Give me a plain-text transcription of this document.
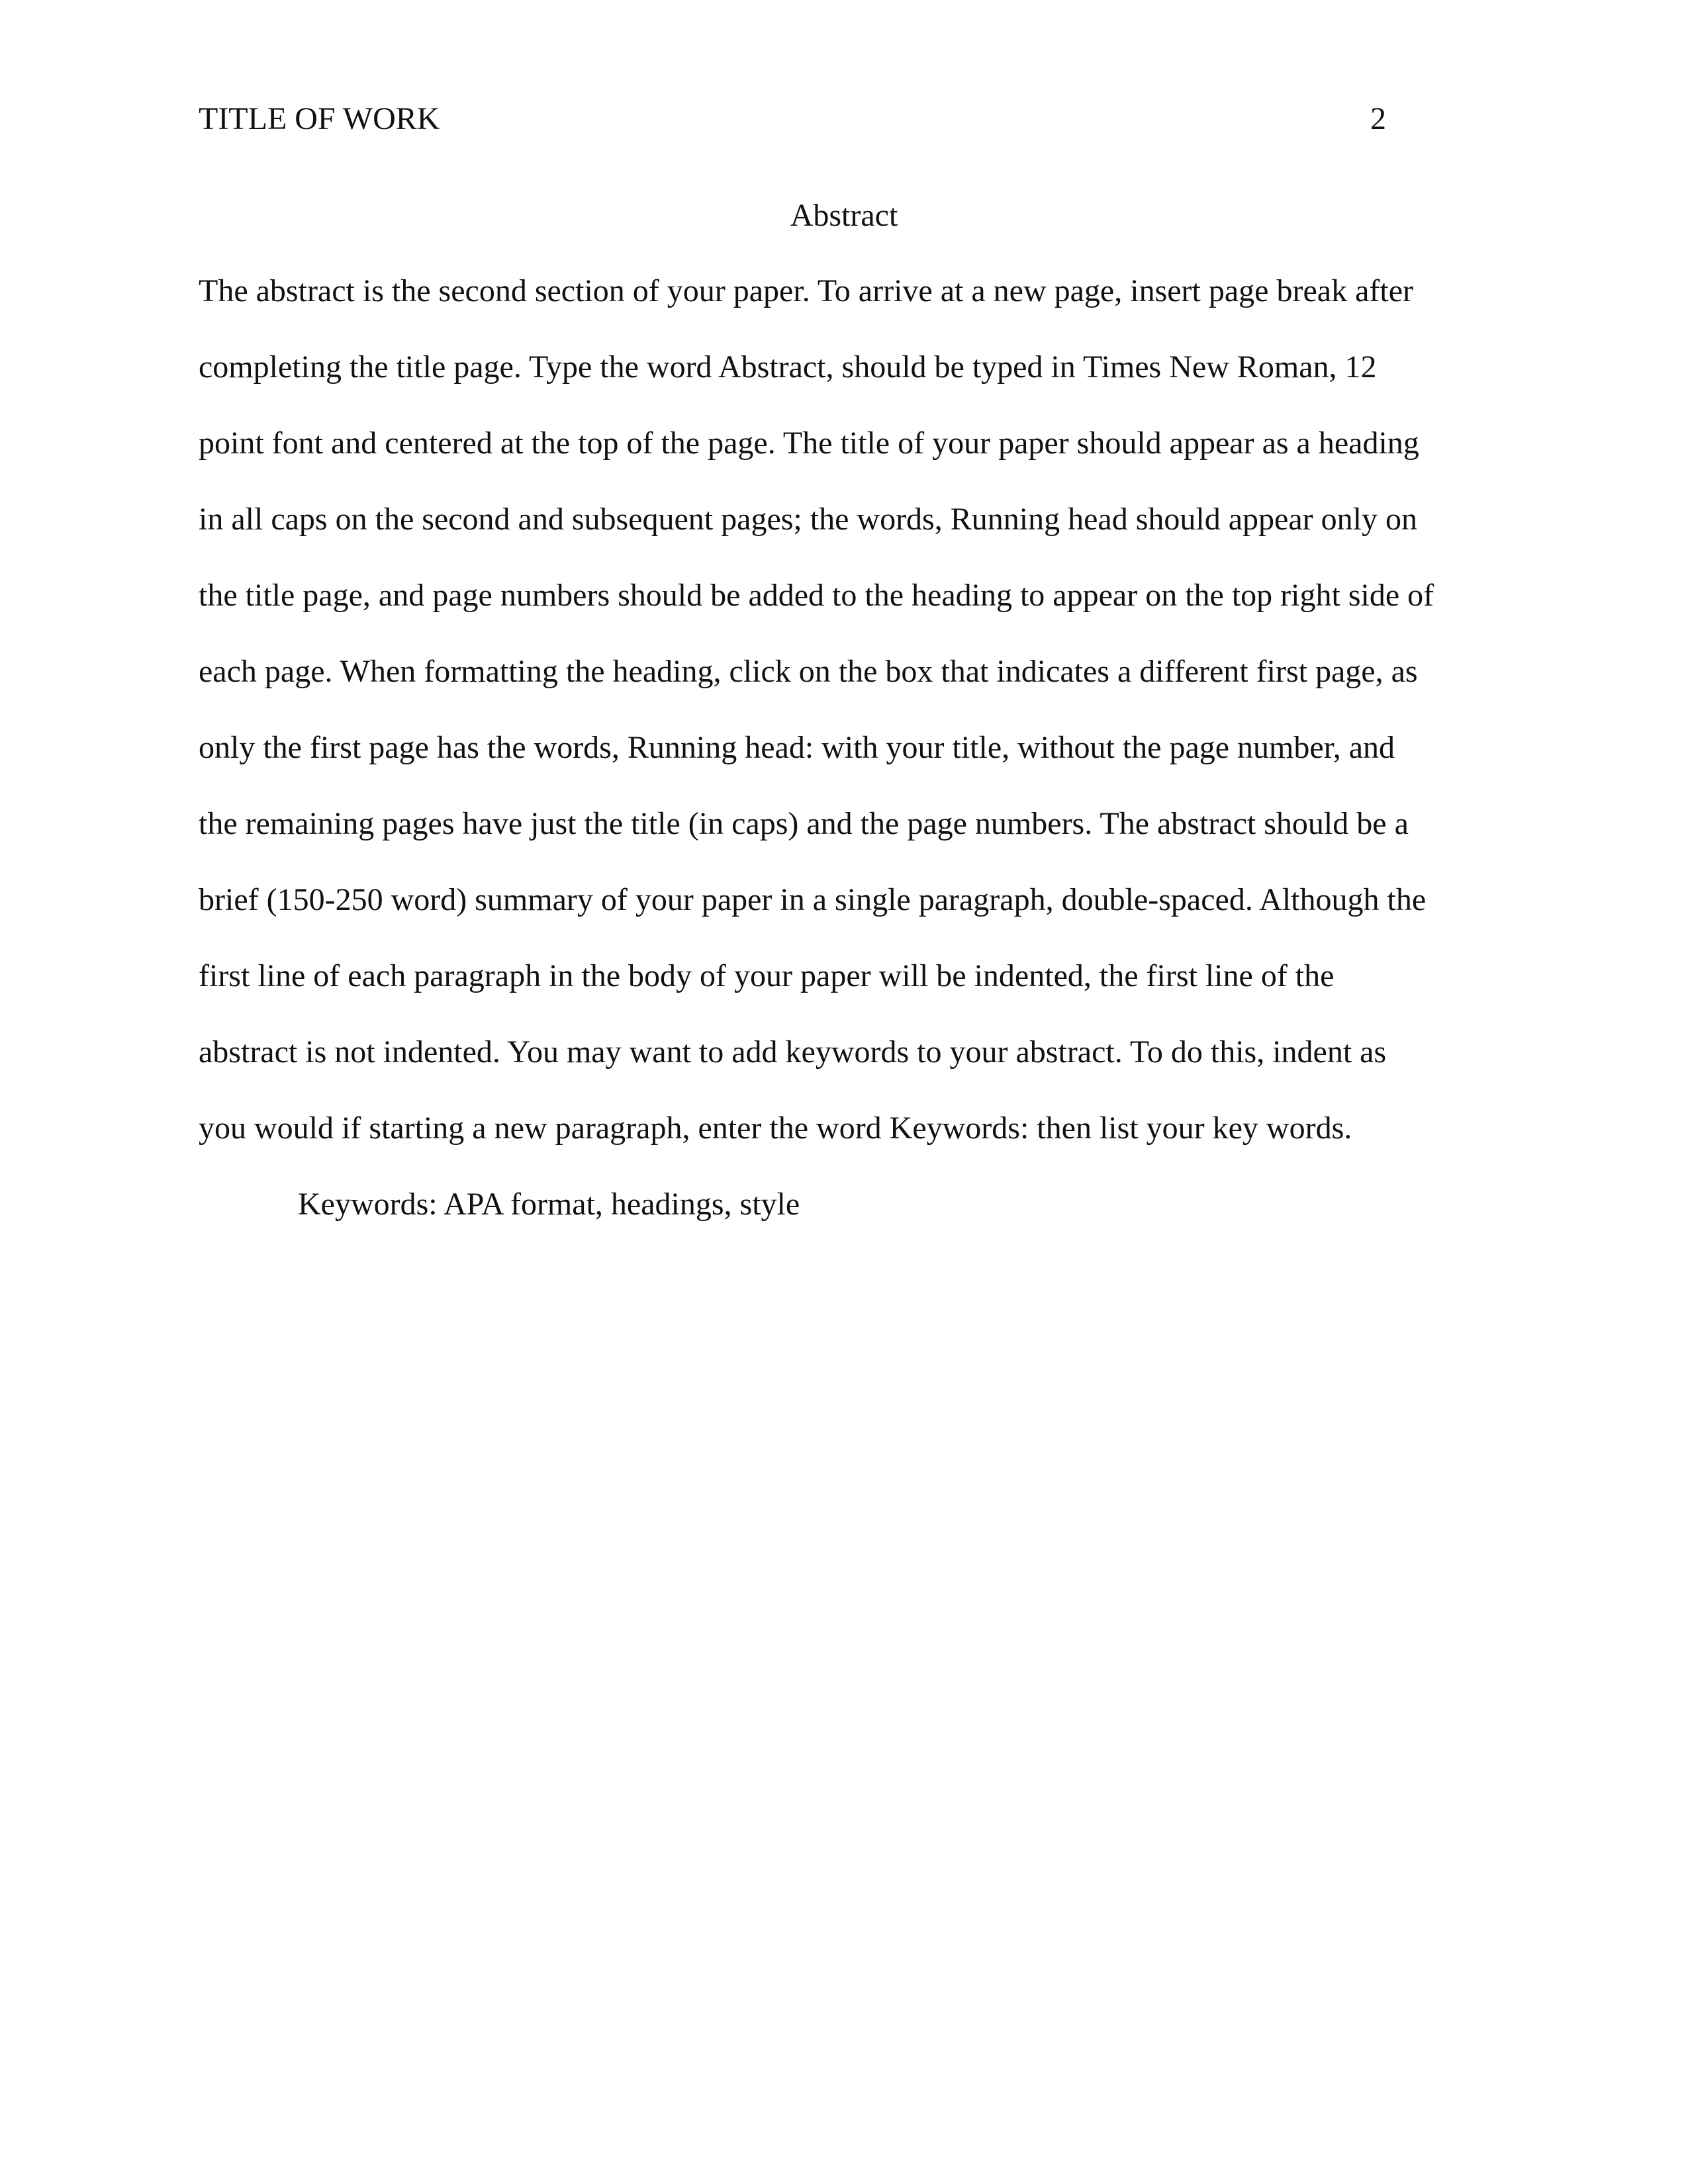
TITLE OF WORK	2
Abstract
The abstract is the second section of your paper. To arrive at a new page, insert page break after
completing the title page. Type the word Abstract, should be typed in Times New Roman, 12
point font and centered at the top of the page. The title of your paper should appear as a heading
in all caps on the second and subsequent pages; the words, Running head should appear only on
the title page, and page numbers should be added to the heading to appear on the top right side of
each page. When formatting the heading, click on the box that indicates a different first page, as
only the first page has the words, Running head: with your title, without the page number, and
the remaining pages have just the title (in caps) and the page numbers. The abstract should be a
brief (150-250 word) summary of your paper in a single paragraph, double-spaced. Although the
first line of each paragraph in the body of your paper will be indented, the first line of the
abstract is not indented. You may want to add keywords to your abstract. To do this, indent as
you would if starting a new paragraph, enter the word Keywords: then list your key words.
Keywords: APA format, headings, style
